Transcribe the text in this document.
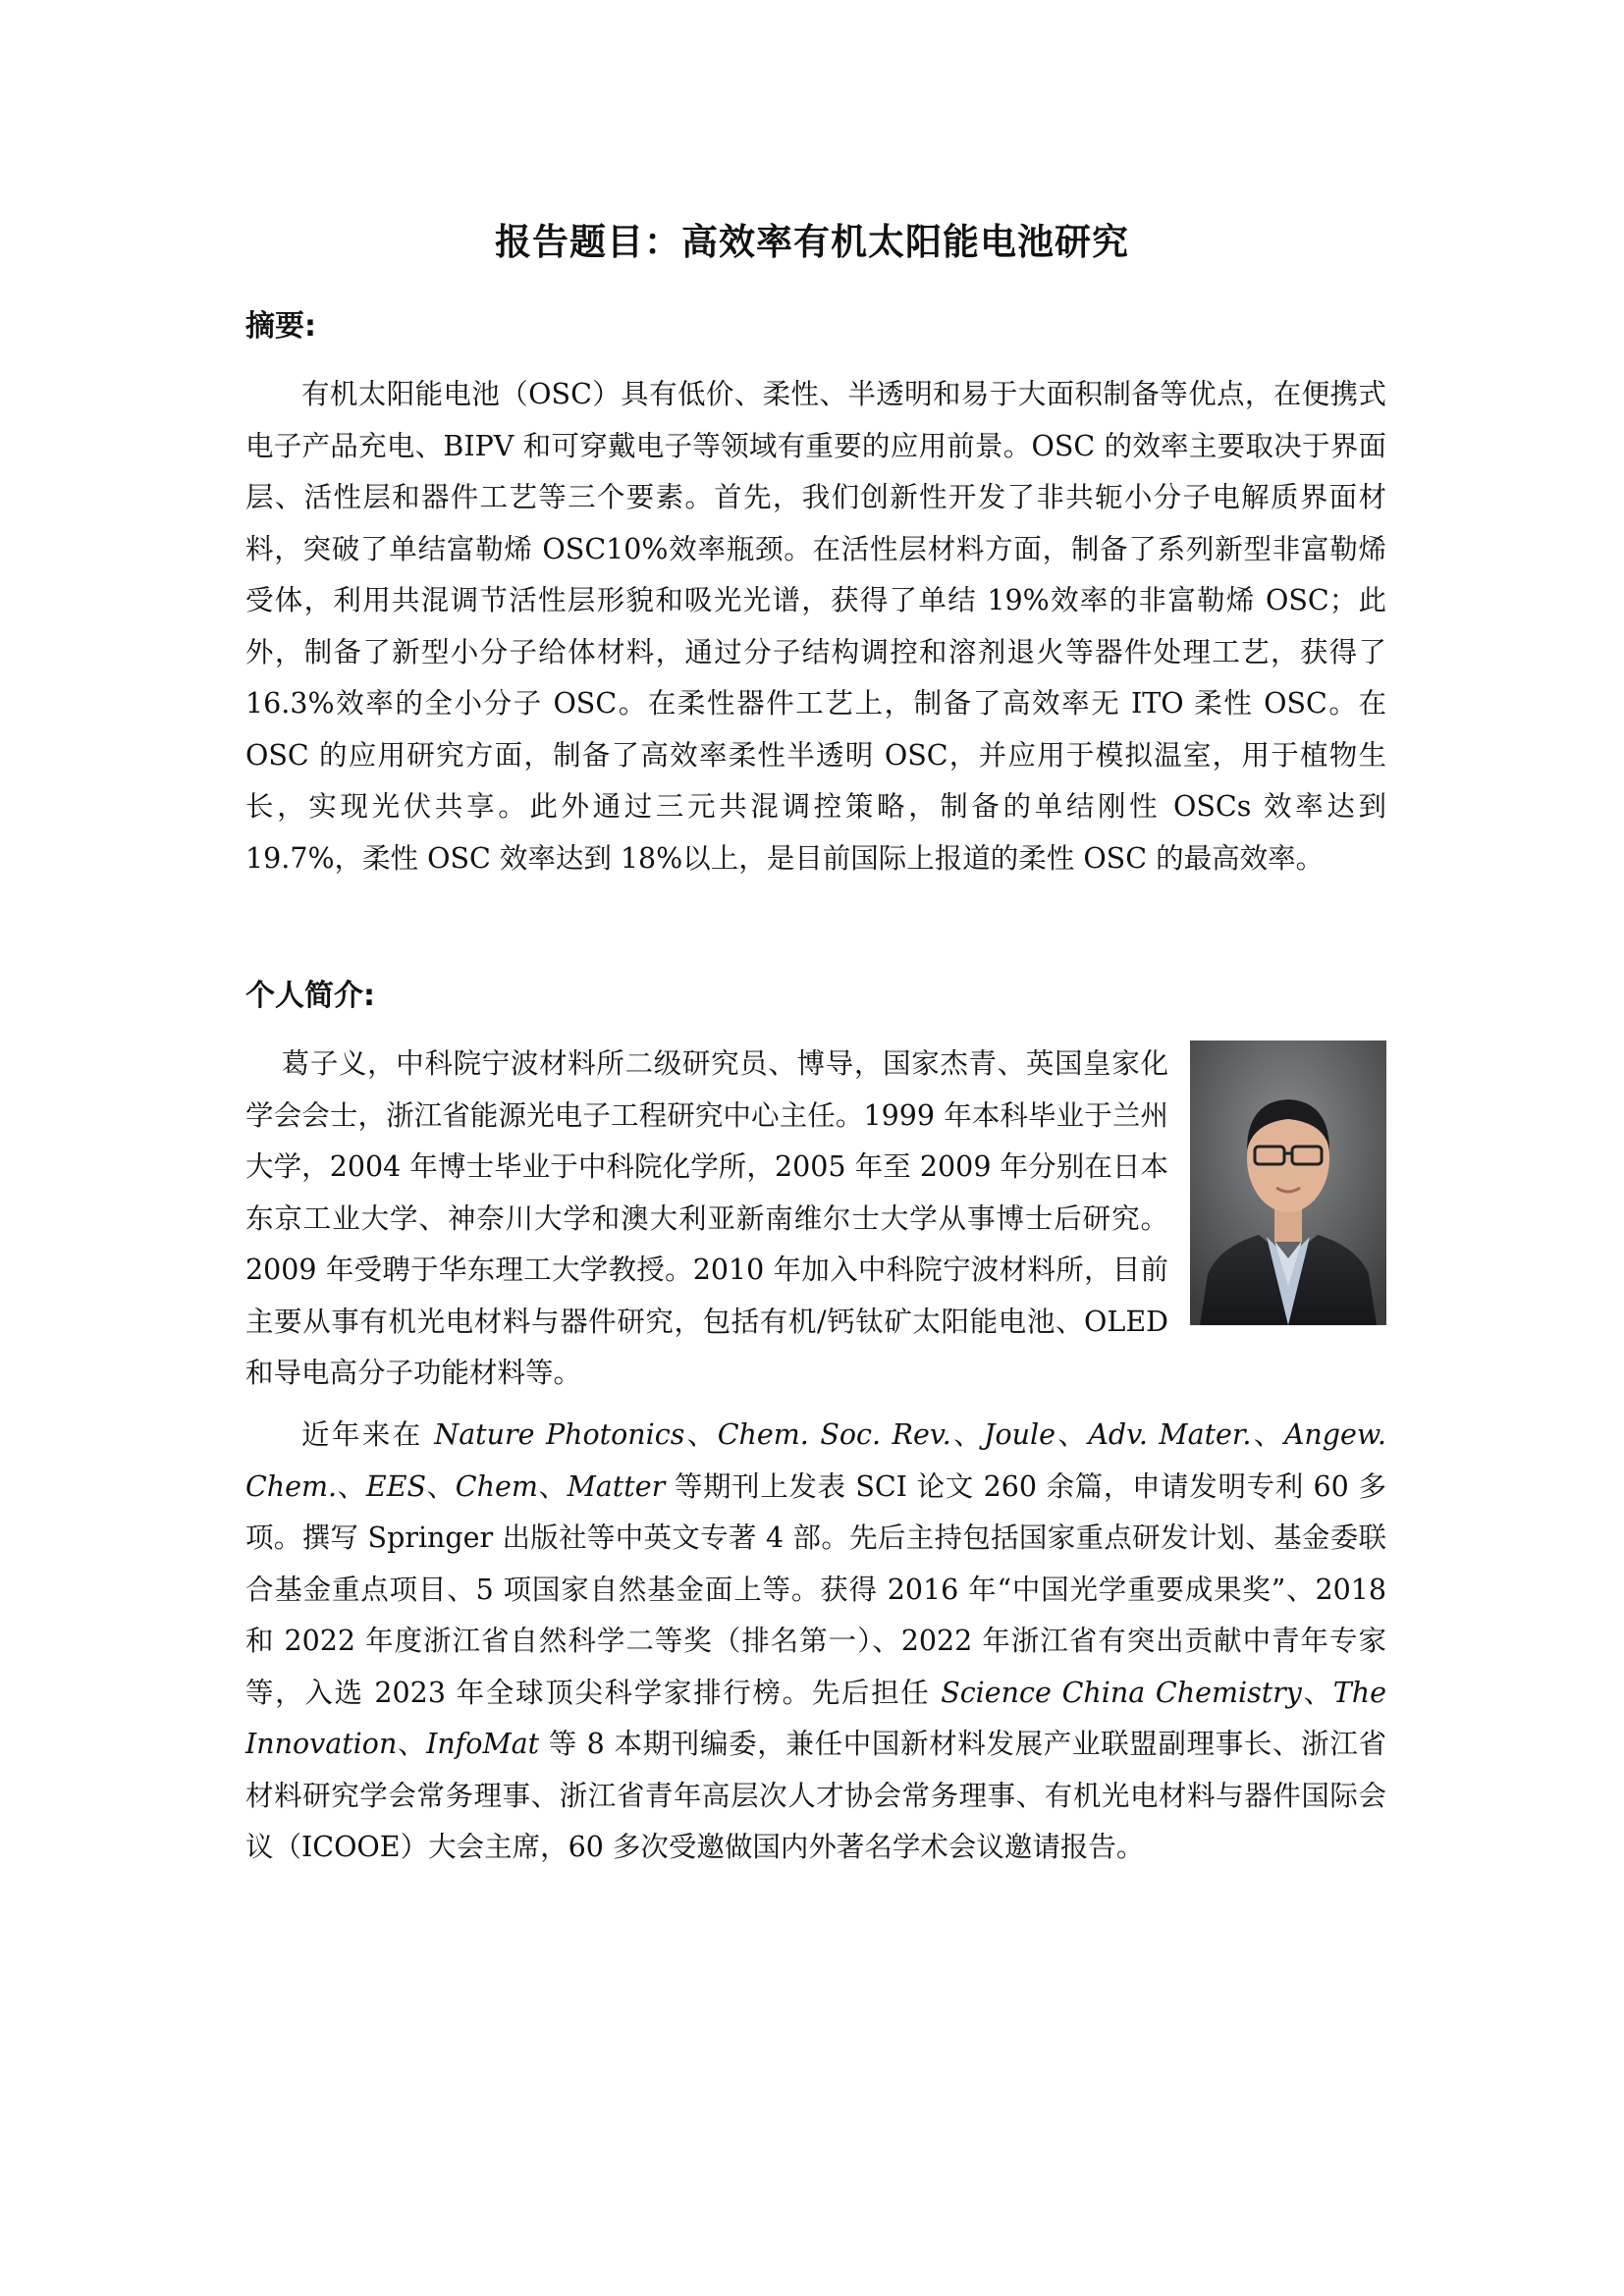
报告题目：高效率有机太阳能电池研究
摘要:

有机太阳能电池（OSC）具有低价、柔性、半透明和易于大面积制备等优点，在便携式电子产品充电、BIPV 和可穿戴电子等领域有重要的应用前景。OSC 的效率主要取决于界面层、活性层和器件工艺等三个要素。首先，我们创新性开发了非共轭小分子电解质界面材料，突破了单结富勒烯 OSC10%效率瓶颈。在活性层材料方面，制备了系列新型非富勒烯受体，利用共混调节活性层形貌和吸光光谱，获得了单结 19%效率的非富勒烯 OSC；此外，制备了新型小分子给体材料，通过分子结构调控和溶剂退火等器件处理工艺，获得了 16.3%效率的全小分子 OSC。在柔性器件工艺上，制备了高效率无 ITO 柔性 OSC。在 OSC 的应用研究方面，制备了高效率柔性半透明 OSC，并应用于模拟温室，用于植物生长，实现光伏共享。此外通过三元共混调控策略，制备的单结刚性 OSCs 效率达到 19.7%，柔性 OSC 效率达到 18%以上，是目前国际上报道的柔性 OSC 的最高效率。

个人简介:
葛子义，中科院宁波材料所二级研究员、博导，国家杰青、英国皇家化学会会士，浙江省能源光电子工程研究中心主任。1999 年本科毕业于兰州大学，2004 年博士毕业于中科院化学所，2005 年至 2009 年分别在日本东京工业大学、神奈川大学和澳大利亚新南维尔士大学从事博士后研究。2009 年受聘于华东理工大学教授。2010 年加入中科院宁波材料所，目前主要从事有机光电材料与器件研究，包括有机/钙钛矿太阳能电池、OLED 和导电高分子功能材料等。

近年来在 Nature Photonics、Chem. Soc. Rev.、Joule、Adv. Mater.、Angew. Chem.、EES、Chem、Matter 等期刊上发表 SCI 论文 260 余篇，申请发明专利 60 多项。撰写 Springer 出版社等中英文专著 4 部。先后主持包括国家重点研发计划、基金委联合基金重点项目、5 项国家自然基金面上等。获得 2016 年“中国光学重要成果奖”、2018 和 2022 年度浙江省自然科学二等奖（排名第一）、2022 年浙江省有突出贡献中青年专家等，入选 2023 年全球顶尖科学家排行榜。先后担任 Science China Chemistry、The Innovation、InfoMat 等 8 本期刊编委，兼任中国新材料发展产业联盟副理事长、浙江省材料研究学会常务理事、浙江省青年高层次人才协会常务理事、有机光电材料与器件国际会议（ICOOE）大会主席，60 多次受邀做国内外著名学术会议邀请报告。
